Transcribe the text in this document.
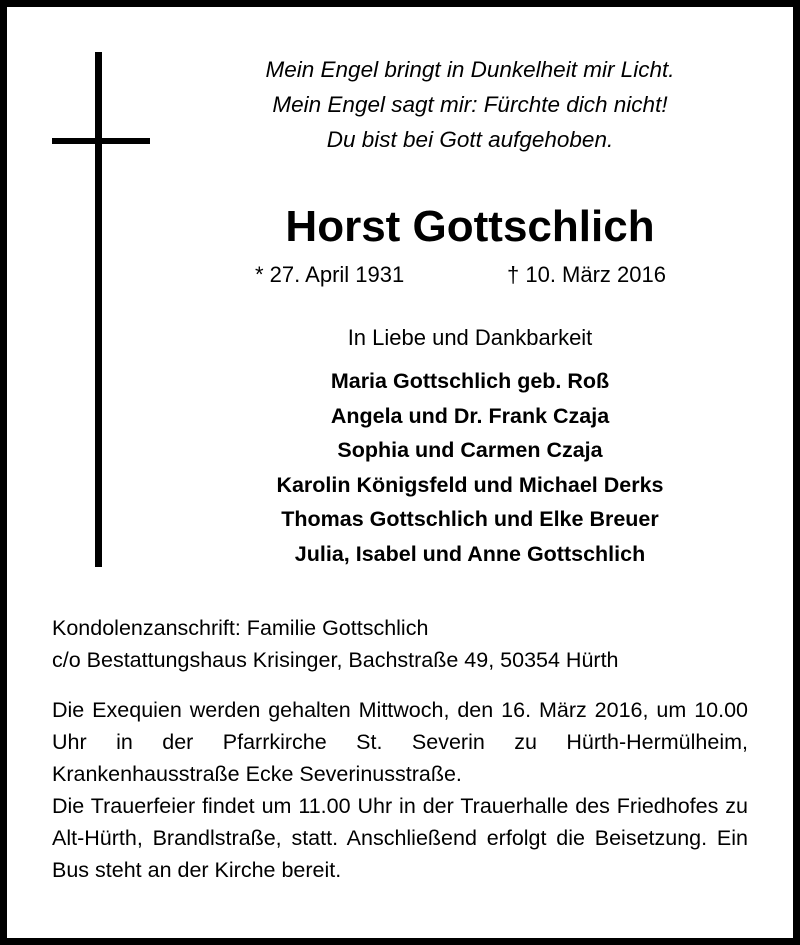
Mein Engel bringt in Dunkelheit mir Licht.
Mein Engel sagt mir: Fürchte dich nicht!
Du bist bei Gott aufgehoben.
Horst Gottschlich
* 27. April 1931	† 10. März 2016
In Liebe und Dankbarkeit
Maria Gottschlich geb. Roß
Angela und Dr. Frank Czaja
Sophia und Carmen Czaja
Karolin Königsfeld und Michael Derks
Thomas Gottschlich und Elke Breuer
Julia, Isabel und Anne Gottschlich
Kondolenzanschrift: Familie Gottschlich
c/o Bestattungshaus Krisinger, Bachstraße 49, 50354 Hürth

Die Exequien werden gehalten Mittwoch, den 16. März 2016, um 10.00 Uhr in der Pfarrkirche St. Severin zu Hürth-Hermülheim, Krankenhausstraße Ecke Severinusstraße.

Die Trauerfeier findet um 11.00 Uhr in der Trauerhalle des Friedhofes zu Alt-Hürth, Brandlstraße, statt. Anschließend erfolgt die Beisetzung. Ein Bus steht an der Kirche bereit.
